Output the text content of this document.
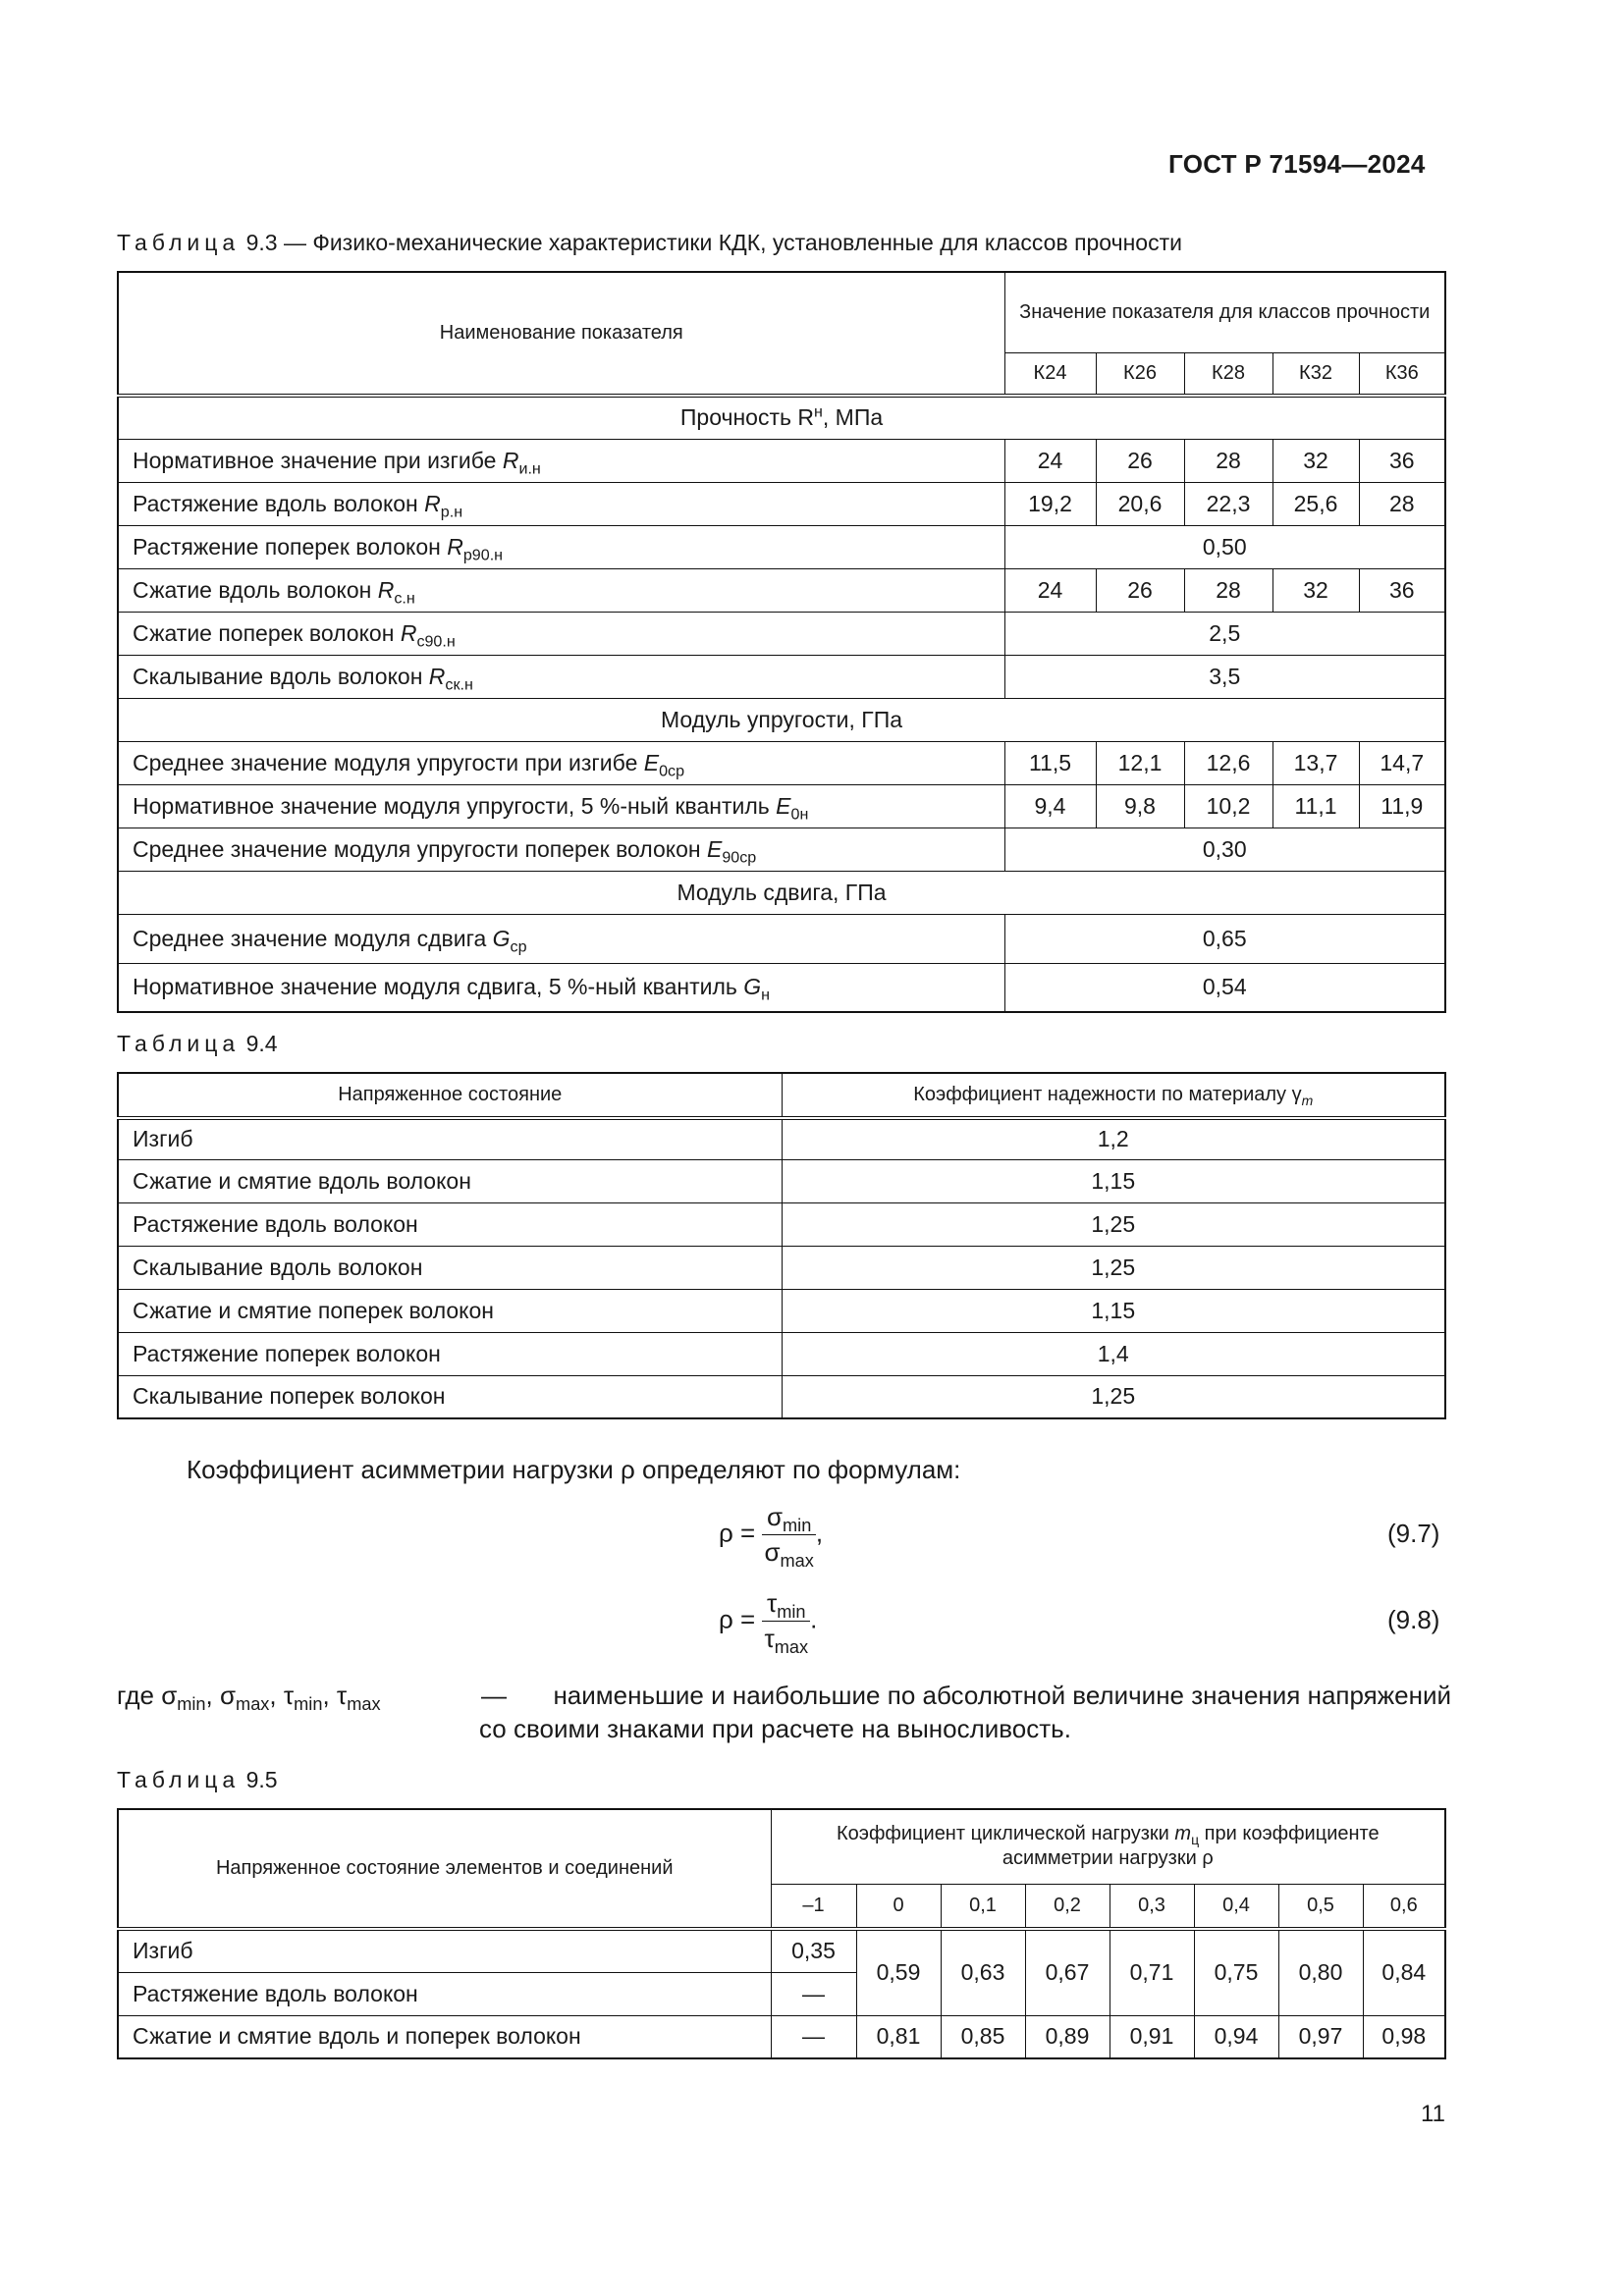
ГОСТ Р 71594—2024
Таблица 9.3 — Физико-механические характеристики КДК, установленные для классов прочности
Наименование показателя	Значение показателя для классов прочности				
	К24	К26	К28	К32	К36
Прочность $R^н$, МПа					
Нормативное значение при изгибе $R_{и.н}$	24	26	28	32	36
Растяжение вдоль волокон $R_{р.н}$	19,2	20,6	22,3	25,6	28
Растяжение поперек волокон $R_{р90.н}$	0,50				
Сжатие вдоль волокон $R_{с.н}$	24	26	28	32	36
Сжатие поперек волокон $R_{с90.н}$	2,5				
Скалывание вдоль волокон $R_{ск.н}$	3,5				
Модуль упругости, ГПа					
Среднее значение модуля упругости при изгибе $E_{0ср}$	11,5	12,1	12,6	13,7	14,7
Нормативное значение модуля упругости, 5 %-ный квантиль $E_{0н}$	9,4	9,8	10,2	11,1	11,9
Среднее значение модуля упругости поперек волокон $E_{90ср}$	0,30				
Модуль сдвига, ГПа					
Среднее значение модуля сдвига $G_{ср}$	0,65				
Нормативное значение модуля сдвига, 5 %-ный квантиль $G_н$	0,54				
Таблица 9.4
Напряженное состояние	Коэффициент надежности по материалу $\gamma_m$
Изгиб	1,2
Сжатие и смятие вдоль волокон	1,15
Растяжение вдоль волокон	1,25
Скалывание вдоль волокон	1,25
Сжатие и смятие поперек волокон	1,15
Растяжение поперек волокон	1,4
Скалывание поперек волокон	1,25
Коэффициент асимметрии нагрузки ρ определяют по формулам:
$\rho = \frac{\sigma_{min}}{\sigma_{max}}$ ,	(9.7)
$\rho = \frac{\tau_{min}}{\tau_{max}}$ .	(9.8)
где $\sigma_{min}$, $\sigma_{max}$, $\tau_{min}$, $\tau_{max}$	—	наименьшие и наибольшие по абсолютной величине значения напряжений
со своими знаками при расчете на выносливость.
Таблица 9.5
Напряженное состояние элементов и соединений	Коэффициент циклической нагрузки $m_ц$ при коэффициенте асимметрии нагрузки ρ							
	–1	0	0,1	0,2	0,3	0,4	0,5	0,6
Изгиб	0,35	0,59	0,63	0,67	0,71	0,75	0,80	0,84
Растяжение вдоль волокон	—							
Сжатие и смятие вдоль и поперек волокон	—	0,81	0,85	0,89	0,91	0,94	0,97	0,98
11
